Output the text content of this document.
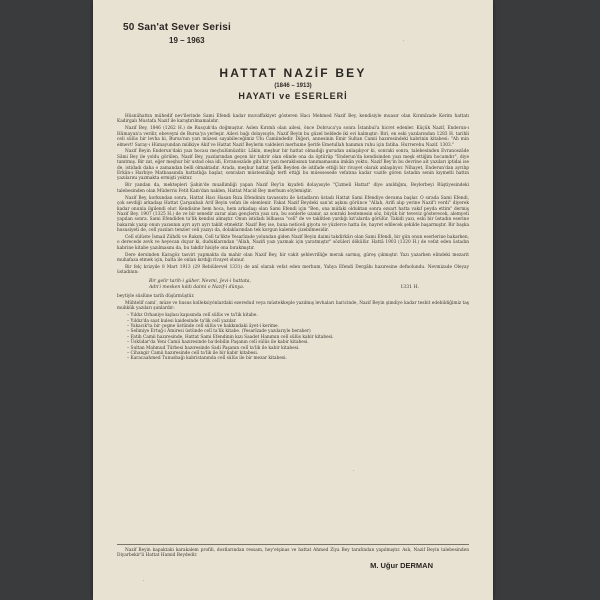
50 San'at Sever Serisi
19 – 1963
HATTAT NAZİF BEY
(1846 – 1913)
HAYATI ve ESERLERİ

Hüsnühattın mühedif nev'ilerinde Sami Efendi kadar muvaffakiyet gösteren Hacı Mehmed Nazif Bey, kendisiyle muasır olan Kırımîzade Kerim hattatı Kadirgalı Mustafa Nazif ile karıştırılmamalıdır.

Nazif Bey, 1846 (1262 H.) de Rusçuk'da doğmuştur. Aslen Kırımlı olan ailesi, önce Dobruca'ya sonra İstanbul'a hicret edenler. Küçük Nazif, Enderun-ı Hümayun'a verilir, ebeveyni de Bursa'ya yerleşir. Ailevi bağı dolayısıyle, Nazif Beyin bu güzel beldede iki evi kalmıştır: Biri, en eski yazılarından 1283 H. tarihli celi sülüs bir levha ki, Bursa'nın yarı müzesi sayabileceğimiz Ulu Camiindedir. Diğeri, annesinin Emir Sultan Camii hazıresindeki kabrinin kitabesi: "Ah min elmevt! Saray-ı Hümayundan mülkiye Akif ve Hattat Nazif Beylerin valdeleri merhume Şerife Emetullah hanımın ruhu için fatiha. Hurrerehu Nazif. 1303."

Nazif Beyin Enderun'daki yazı hocası meçhulümüzdür. Lâkin, meşhur bir hattat olmadığı gurudan anlaşılıyor ki, sonraki sonra, talebesinden Evranoszâde Sâmi Bey ile yoldu görülen, Nazif Bey, yazılarından geçen bir tahrir olan elinde ona da öptürüp "Enderun'da kendisinden yazı meşk ettiğim hocamdır", diye tanıtmış. Bir zat, eğer meşhur bir ustad olsa idi, Evranoszâde gibi bir yazı meraklısının tanımamasına imkân yoktu. Nazif Bey'in bu devrine ait yazıları iptidai ise de, istidadı daha o zamandan belli olmaktadır. Arada, meşhur hattat Şefik Beyden de istifade ettiği bir rivayet olarak anlaşılıyor. Nihayet, Enderun'dan ayrılıp Erkân-ı Harbiye Matbaasında hattatlığa başlar, sonraları müstesnâlığı terfi ettiği bu müessesede vefatına kadar vazife gören üstadın senin kıymetli hattın yazılarını yazmakta ermişti yoktur.

Bir yandan da, mektepleri Şahin'de muallimliği yapan Nazif Bey'in kıyafeti dolayısıyle "Çizmeli Hattat" diye anıldığını, Beylerbeyi Rüştiyesindeki talebesinden olan Müderris Fetit Kam'dan naklen, Hattat Macid Bey merhum söylemiştir.

Nazif Bey, korkundan sonra, Hattat Hacı Hasan Rıza Efendinin tavassutu ile üstadların üstadı Hattat Sami Efendiye devama başlar. O sırada Sami Efendi, çok sevdiği arkadaşı Hattat Çarşanbalı Arif Beyin vefatı ile elemlenir. Fakat Nazif Beydeki san'at aşkını görünce "Allah, Arifi alıp yerine Nazif'i verdi" diyerek kadar onunla ilgilendi olur. Kendisine hem hoca, hem arkadaşı olan Sami Efendi için "Ben, ona müfaki olduktan sonra ezsart hatta vakıf peyda ettim" dermiş Nazif Bey. 1907 (1325 H.) de ve bir senedir zarar alan gençlerin yazı ura, bu sonlerle uzanır, az sonraki bestemesin söz, büyük bir teveviz gösterecek, alemyeti yapılan sonra. Sami Efendiden ta'lik kendisi almıştır. Onun istidadı bilhassa "celî" de ve taklitlen yardığı kıt'alarda görülür. Takidi yazı, eski bir üstadın eserine bakarak yazıp onun yazısının ayrı ayrı ayrı taklit etmektir. Nazif Bey ise, buna neticeli giyotu ve yüzlerce hatta ile, hayret edilecek şekilde başarmıştır. Bir başka hususiyeti de, celî yazıları tenzier celi yazıyı da, dolaklarından tek korgun kalemle çizebilmesidir.

Celî sülüste İsmail Zühdü ve Rakım, Celî ta'likte Yesarîzade yolundan giden Nazif Beyin daimi takdirkârı olan Sami Efendi, bir gün onun eserlerine bakarken, o derecede zevk ve heyecan duyar ki, duduklarından "Allah, Nazifi yazı yazmak için yaratmıştır" sözüleri dökülür. Hattâ 1903 (1320 H.) de vefat eden üstadın kabrine kitabe yazılmasını da, bu takdir hisiyle ona bırakmıştır.

Dere dersinden Karagöz tasviri yapmakta da mahir olan Nazif Bey, bir vakit şehlevrilliğe merak sarmış, güreş çıkmıştır. Yazı yazarken elindeki mezarit muhafaza etmek için, balta ile onlan kırdığı rivayet olunur.

Bir felç krizyile 8 Mart 1913 (29 Rebiülevvel 1331) de anî olarak vefat eden merhum, Yahya Efendi Dergâhı hazıresine defnolundu. Nevmizade Oleyay üstadının:

Bir gelir tarih-i güher. Nevmi, Jevi-i hattata,
Adn'i mesken kıldı daimi o Nazif-i dünya.	1331 H.

beytiyle süslüne tarih düşürmüştür.

Mühtelif cami', müze ve husus kolleksiyonlardaki ezeredud veya müstekkeple yazılmış levhaları haricinde, Nazif Beyin şimdiye kadar tesbit edebildiğimiz taş muhkük yazıları şunlardır:

– Yıldız Orhaniye kışlası kapısında celî sülüs ve ta'lik kitabe.
– Yıldız'da saat kulesi kaidesinde ta'lik celî yazılar.
– Yakacık'ta bir çeşme üstünde celî sülüs ve hakkındaki âyet-i kerime.
– Selimiye Ertuğ-i Âmiresi üstünde celî ta'lik kitabe. (Yesarîzade yazılarıyle beraber)
– Fatih Camii hazıresinde, Hattat Sami Efendinin kızı Saadet Hanımın celî sülüs kabir kitabesi.
– Üsküdar'da Yeni Camii hazıresinde ba'debilin Paşanın celî sülüs ile kabir kitabesi.
– Sultan Mahmud Türbesi hazıresinde Sadi Paşanın celî ta'lik ile kabir kitabesi.
– Cihangir Camii hazıresinde celî ta'lik ile bir kabir kitabesi.
– Karacaahmed Tunusbağı kabristanında celî sülüs ile bir mezar kitabesi.

Nazif Beyin kapaktaki karakalem profili, dostlarından ressam, hey'etşinas ve hattat Ahmed Ziya Bey tarafından yapılmıştır. Aslı, Nazif Beyin talebesinden Diyarbekir'li Hattat Hamid Beydedir.

M. Uğur DERMAN
